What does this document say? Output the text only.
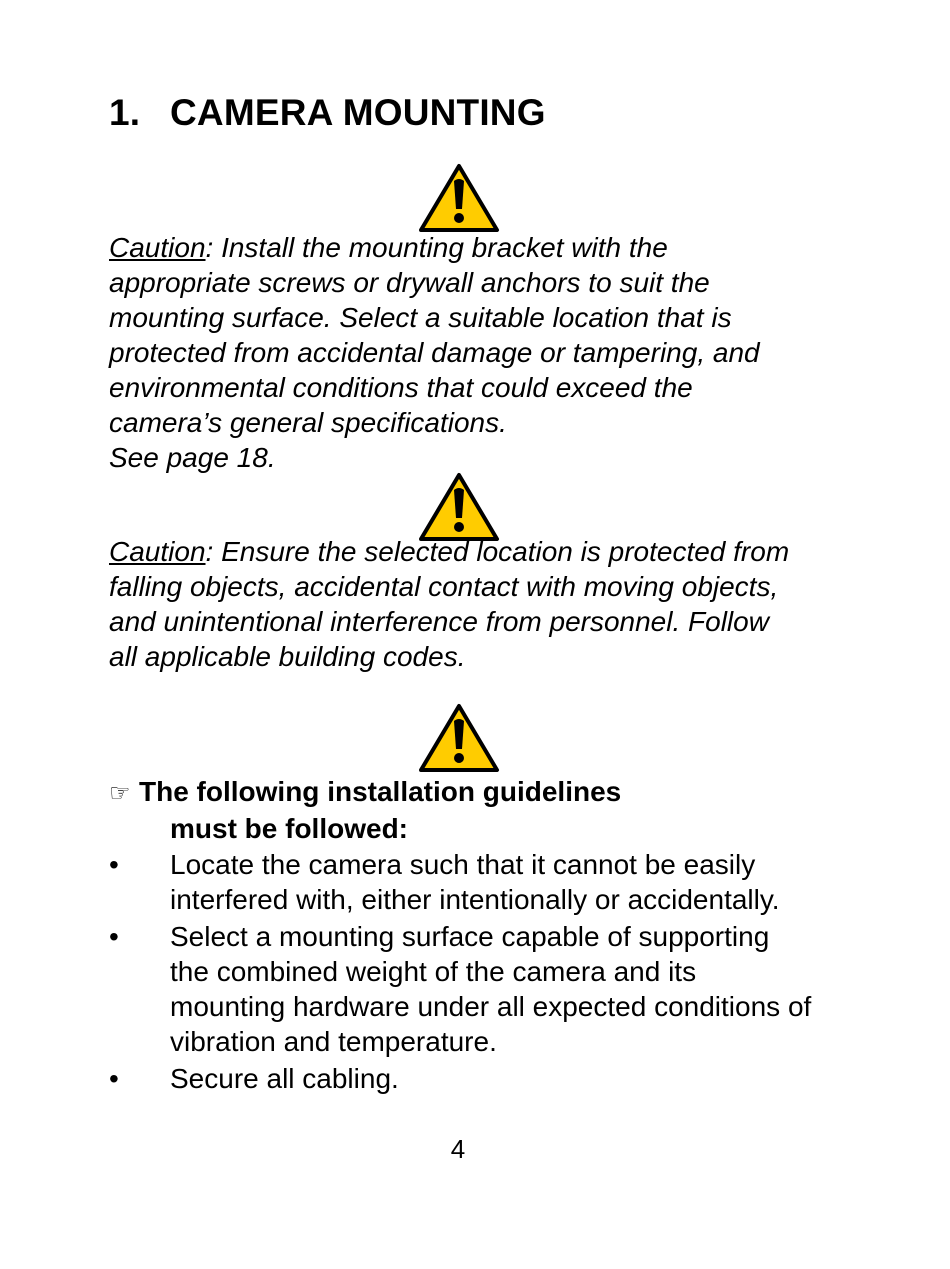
1. CAMERA MOUNTING

Caution: Install the mounting bracket with the
appropriate screws or drywall anchors to suit the
mounting surface. Select a suitable location that is
protected from accidental damage or tampering, and
environmental conditions that could exceed the
camera’s general specifications.
See page 18.

Caution: Ensure the selected location is protected from
falling objects, accidental contact with moving objects,
and unintentional interference from personnel. Follow
all applicable building codes.

☞ The following installation guidelines
must be followed:

•	Locate the camera such that it cannot be easily
interfered with, either intentionally or accidentally.
•	Select a mounting surface capable of supporting
the combined weight of the camera and its
mounting hardware under all expected conditions of
vibration and temperature.
•	Secure all cabling.
4
